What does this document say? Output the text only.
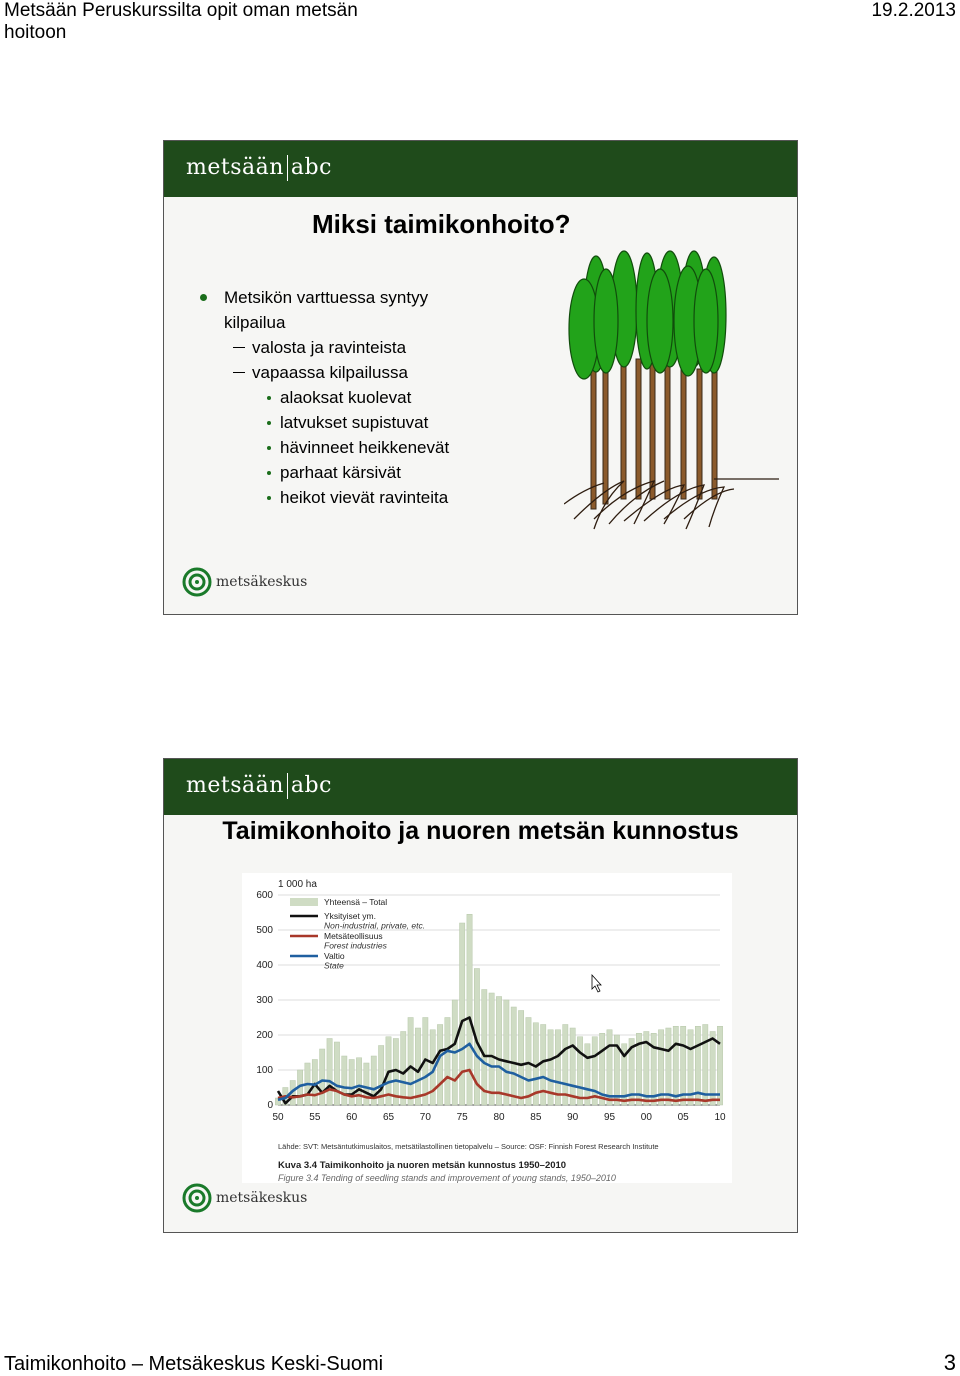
Metsään Peruskurssilta opit oman metsän hoitoon
19.2.2013
metsään abc
Miksi taimikonhoito?
Metsikön varttuessa syntyy kilpailua
valosta ja ravinteista
vapaassa kilpailussa
alaoksat kuolevat
latvukset supistuvat
hävinneet heikkenevät
parhaat kärsivät
heikot vievät ravinteita
metsäkeskus
metsään abc
Taimikonhoito ja nuoren metsän kunnostus
1 000 ha
0
100
200
300
400
500
600
50	55	60	65	70	75	80	85	90	95	00	05	10
Yhteensä – Total
Yksityiset ym.
Non-industrial, private, etc.
Metsäteollisuus
Forest industries
Valtio
State
Lähde: SVT: Metsäntutkimuslaitos, metsätilastollinen tietopalvelu – Source: OSF: Finnish Forest Research Institute
Kuva 3.4 Taimikonhoito ja nuoren metsän kunnostus 1950–2010
Figure 3.4 Tending of seedling stands and improvement of young stands, 1950–2010
metsäkeskus
Taimikonhoito – Metsäkeskus Keski-Suomi	3
